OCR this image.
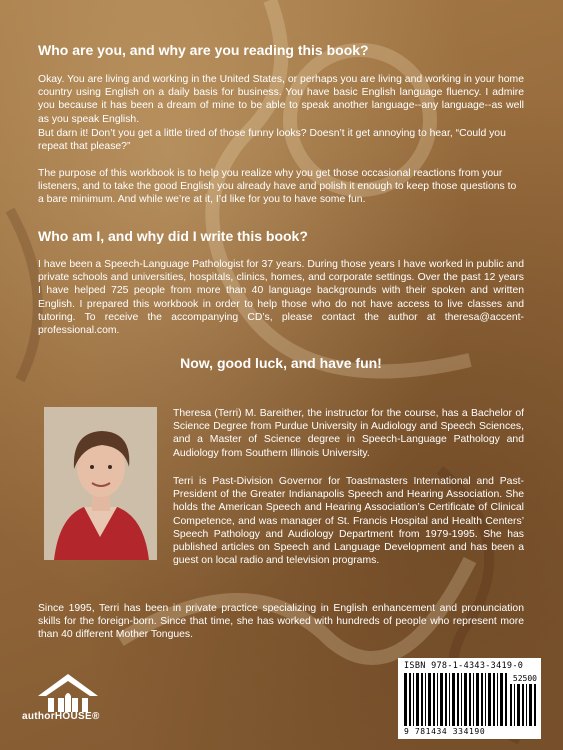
Who are you, and why are you reading this book?

Okay. You are living and working in the United States, or perhaps you are living and working in your home country using English on a daily basis for business. You have basic English language fluency. I admire you because it has been a dream of mine to be able to speak another language--any language--as well as you speak English.

But darn it! Don’t you get a little tired of those funny looks? Doesn’t it get annoying to hear, “Could you repeat that please?”

The purpose of this workbook is to help you realize why you get those occasional reactions from your listeners, and to take the good English you already have and polish it enough to keep those questions to a bare minimum. And while we’re at it, I’d like for you to have some fun.

Who am I, and why did I write this book?

I have been a Speech-Language Pathologist for 37 years. During those years I have worked in public and private schools and universities, hospitals, clinics, homes, and corporate settings. Over the past 12 years I have helped 725 people from more than 40 language backgrounds with their spoken and written English. I prepared this workbook in order to help those who do not have access to live classes and tutoring. To receive the accompanying CD’s, please contact the author at theresa@accent-professional.com.

Now, good luck, and have fun!
Theresa (Terri) M. Bareither, the instructor for the course, has a Bachelor of Science Degree from Purdue University in Audiology and Speech Sciences, and a Master of Science degree in Speech-Language Pathology and Audiology from Southern Illinois University.
Terri is Past-Division Governor for Toastmasters International and Past-President of the Greater Indianapolis Speech and Hearing Association. She holds the American Speech and Hearing Association’s Certificate of Clinical Competence, and was manager of St. Francis Hospital and Health Centers’ Speech Pathology and Audiology Department from 1979-1995. She has published articles on Speech and Language Development and has been a guest on local radio and television programs.

Since 1995, Terri has been in private practice specializing in English enhancement and pronunciation skills for the foreign-born. Since that time, she has worked with hundreds of people who represent more than 40 different Mother Tongues.

ISBN 978-1-4343-3419-0
52500
9 781434 334190
authorHOUSE®
